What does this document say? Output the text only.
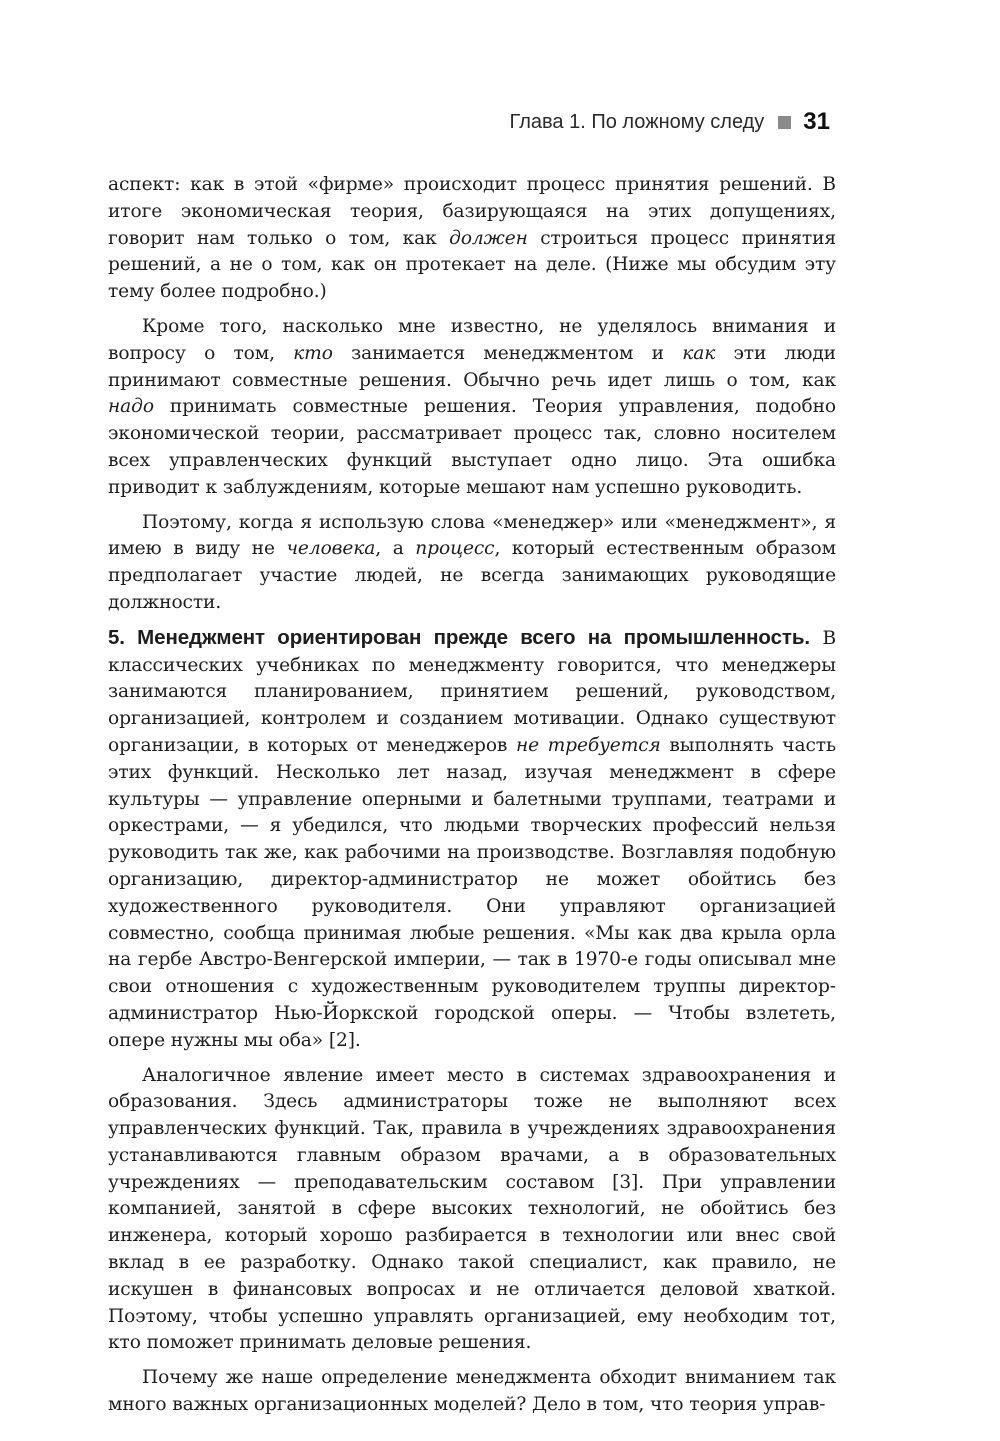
Глава 1. По ложному следу 31

аспект: как в этой «фирме» происходит процесс принятия решений. В итоге экономическая теория, базирующаяся на этих допущениях, говорит нам только о том, как должен строиться процесс принятия решений, а не о том, как он протекает на деле. (Ниже мы обсудим эту тему более подробно.)

Кроме того, насколько мне известно, не уделялось внимания и вопросу о том, кто занимается менеджментом и как эти люди принимают совместные решения. Обычно речь идет лишь о том, как надо принимать совместные решения. Теория управления, подобно экономической теории, рассматривает процесс так, словно носителем всех управленческих функций выступает одно лицо. Эта ошибка приводит к заблуждениям, которые мешают нам успешно руководить.

Поэтому, когда я использую слова «менеджер» или «менеджмент», я имею в виду не человека, а процесс, который естественным образом предполагает участие людей, не всегда занимающих руководящие должности.

5. Менеджмент ориентирован прежде всего на промышленность. В классических учебниках по менеджменту говорится, что менеджеры занимаются планированием, принятием решений, руководством, организацией, контролем и созданием мотивации. Однако существуют организации, в которых от менеджеров не требуется выполнять часть этих функций. Несколько лет назад, изучая менеджмент в сфере культуры — управление оперными и балетными труппами, театрами и оркестрами, — я убедился, что людьми творческих профессий нельзя руководить так же, как рабочими на производстве. Возглавляя подобную организацию, директор-администратор не может обойтись без художественного руководителя. Они управляют организацией совместно, сообща принимая любые решения. «Мы как два крыла орла на гербе Австро-Венгерской империи, — так в 1970-е годы описывал мне свои отношения с художественным руководителем труппы директор-администратор Нью-Йоркской городской оперы. — Чтобы взлететь, опере нужны мы оба» [2].

Аналогичное явление имеет место в системах здравоохранения и образования. Здесь администраторы тоже не выполняют всех управленческих функций. Так, правила в учреждениях здравоохранения устанавливаются главным образом врачами, а в образовательных учреждениях — преподавательским составом [3]. При управлении компанией, занятой в сфере высоких технологий, не обойтись без инженера, который хорошо разбирается в технологии или внес свой вклад в ее разработку. Однако такой специалист, как правило, не искушен в финансовых вопросах и не отличается деловой хваткой. Поэтому, чтобы успешно управлять организацией, ему необходим тот, кто поможет принимать деловые решения.

Почему же наше определение менеджмента обходит вниманием так много важных организационных моделей? Дело в том, что теория управ-
